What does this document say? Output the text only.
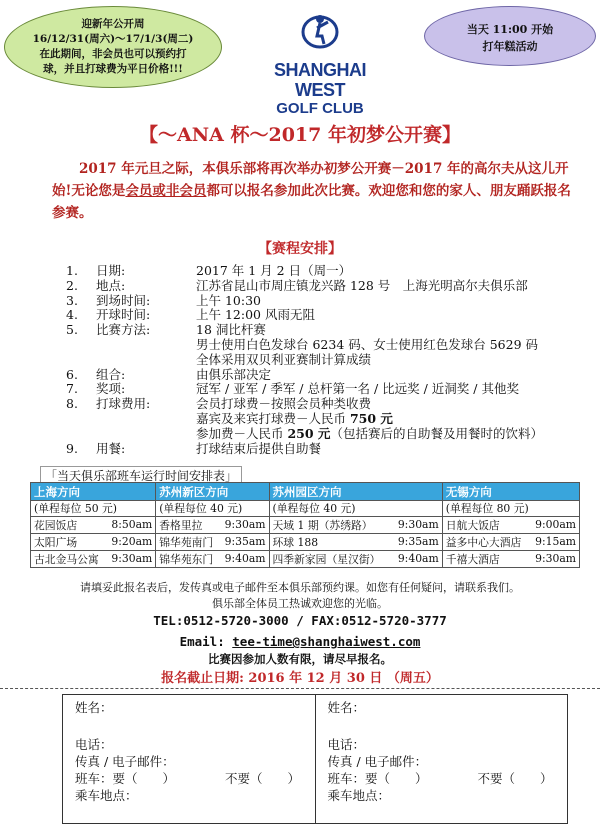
迎新年公开周
16/12/31(周六)～17/1/3(周二)
在此期间，非会员也可以预约打
球，并且打球费为平日价格!!!	SHANGHAI WEST
GOLF CLUB
当天 11:00 开始
打年糕活动
【～ANA 杯～2017 年初梦公开赛】
2017 年元旦之际，本俱乐部将再次举办初梦公开赛－2017 年的高尔夫从这儿开始!无论您是会员或非会员都可以报名参加此次比赛。欢迎您和您的家人、朋友踊跃报名参赛。
【赛程安排】
1.	日期:	2017 年 1 月 2 日（周一）
2.	地点:	江苏省昆山市周庄镇龙兴路 128 号　上海光明高尔夫俱乐部
3.	到场时间:	上午 10:30
4.	开球时间:	上午 12:00 风雨无阻
5.	比赛方法:	18 洞比杆赛
男士使用白色发球台 6234 码、女士使用红色发球台 5629 码
全体采用双贝利亚赛制计算成绩
6.	组合:	由俱乐部决定
7.	奖项:	冠军 / 亚军 / 季军 / 总杆第一名 / 比远奖 / 近洞奖 / 其他奖
8.	打球费用:	会员打球费－按照会员种类收费
嘉宾及来宾打球费－人民币 750 元
参加费－人民币 250 元（包括赛后的自助餐及用餐时的饮料）
9.	用餐:	打球结束后提供自助餐
「当天俱乐部班车运行时间安排表」
上海方向	苏州新区方向	苏州园区方向	无锡方向
(单程每位 50 元)	(单程每位 40 元)	(单程每位 40 元)	(单程每位 80 元)
花园饭店 8:50am	香格里拉 9:30am	天域 1 期（苏绣路） 9:30am	日航大饭店 9:00am

太阳广场 9:20am	锦华苑南门 9:35am	环球 188 9:35am	益多中心大酒店 9:15am

古北金马公寓 9:30am	锦华苑东门 9:40am	四季新家园（星汉街） 9:40am	千禧大酒店 9:30am
请填妥此报名表后，发传真或电子邮件至本俱乐部预约课。如您有任何疑问，请联系我们。
俱乐部全体员工热诚欢迎您的光临。
TEL:0512-5720-3000 / FAX:0512-5720-3777
Email: tee-time@shanghaiwest.com
比赛因参加人数有限，请尽早报名。
报名截止日期: 2016 年 12 月 30 日 （周五）
姓名：
电话：
传真 / 电子邮件：
班车：要（　　）	不要（　　）
乘车地点：

姓名：
电话：
传真 / 电子邮件：
班车：要（　　）	不要（　　）
乘车地点：
